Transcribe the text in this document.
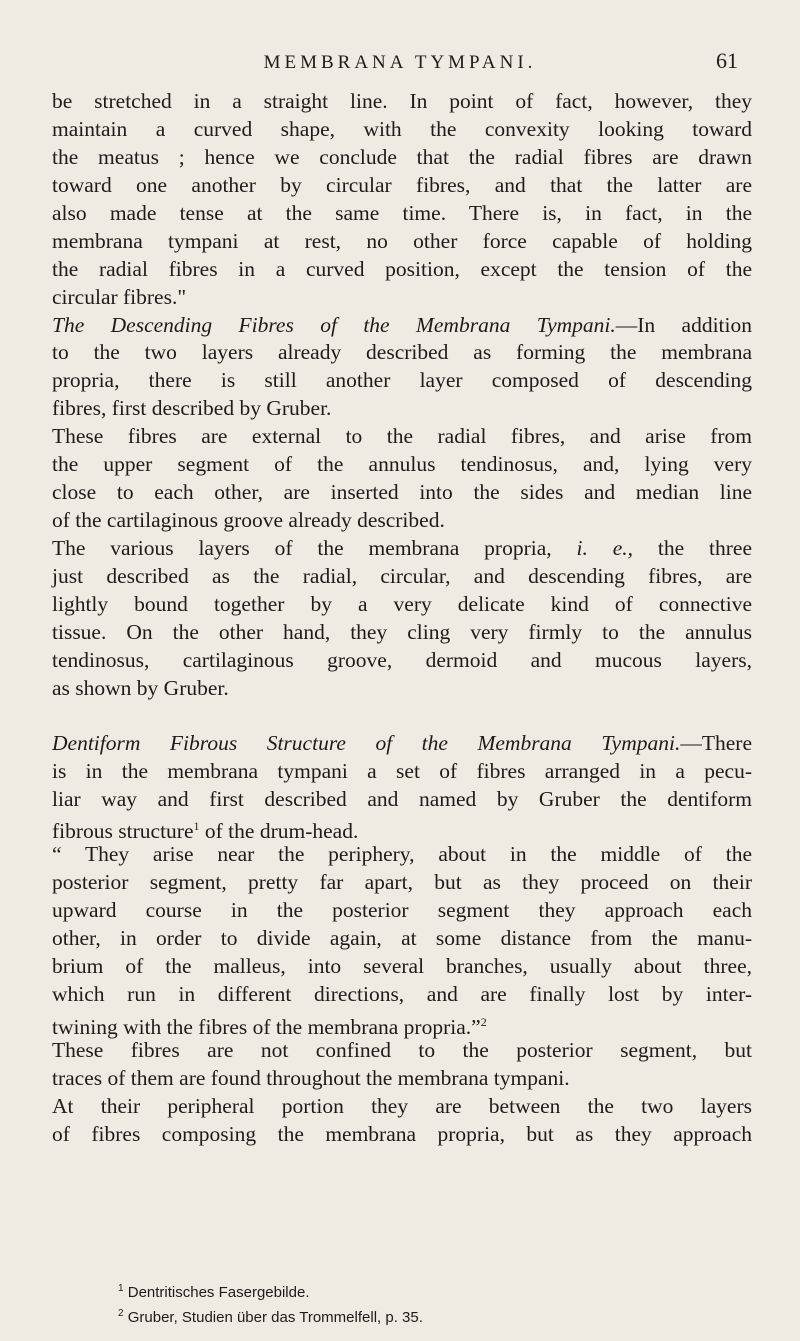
MEMBRANA TYMPANI.	61
be stretched in a straight line. In point of fact, however, they
maintain a curved shape, with the convexity looking toward
the meatus ; hence we conclude that the radial fibres are drawn
toward one another by circular fibres, and that the latter are
also made tense at the same time. There is, in fact, in the
membrana tympani at rest, no other force capable of holding
the radial fibres in a curved position, except the tension of the
circular fibres."
The Descending Fibres of the Membrana Tympani.—In addition
to the two layers already described as forming the membrana
propria, there is still another layer composed of descending
fibres, first described by Gruber.
These fibres are external to the radial fibres, and arise from
the upper segment of the annulus tendinosus, and, lying very
close to each other, are inserted into the sides and median line
of the cartilaginous groove already described.
The various layers of the membrana propria, i. e., the three
just described as the radial, circular, and descending fibres, are
lightly bound together by a very delicate kind of connective
tissue. On the other hand, they cling very firmly to the annulus
tendinosus, cartilaginous groove, dermoid and mucous layers,
as shown by Gruber.
Dentiform Fibrous Structure of the Membrana Tympani.—There
is in the membrana tympani a set of fibres arranged in a pecu-
liar way and first described and named by Gruber the dentiform
fibrous structure$^1$ of the drum-head.
“ They arise near the periphery, about in the middle of the
posterior segment, pretty far apart, but as they proceed on their
upward course in the posterior segment they approach each
other, in order to divide again, at some distance from the manu-
brium of the malleus, into several branches, usually about three,
which run in different directions, and are finally lost by inter-
twining with the fibres of the membrana propria.”$^2$
These fibres are not confined to the posterior segment, but
traces of them are found throughout the membrana tympani.
At their peripheral portion they are between the two layers
of fibres composing the membrana propria, but as they approach
$^1$ Dentritisches Fasergebilde.
$^2$ Gruber, Studien über das Trommelfell, p. 35.
